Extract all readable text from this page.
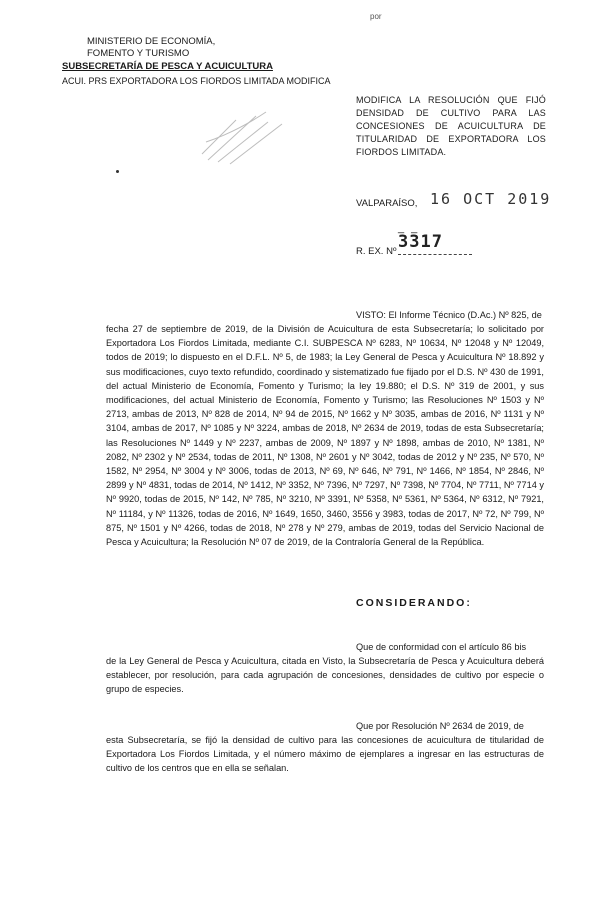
MINISTERIO DE ECONOMÍA,
FOMENTO Y TURISMO
SUBSECRETARÍA DE PESCA Y ACUICULTURA
ACUI. PRS EXPORTADORA LOS FIORDOS LIMITADA MODIFICA
por
MODIFICA LA RESOLUCIÓN QUE FIJÓ DENSIDAD DE CULTIVO PARA LAS CONCESIONES DE ACUICULTURA DE TITULARIDAD DE EXPORTADORA LOS FIORDOS LIMITADA.
VALPARAÍSO, 16 OCT 2019
_ _
R. EX. Nº 3317
VISTO: El Informe Técnico (D.Ac.) Nº 825, de
fecha 27 de septiembre de 2019, de la División de Acuicultura de esta Subsecretaría; lo solicitado por Exportadora Los Fiordos Limitada, mediante C.I. SUBPESCA Nº 6283, Nº 10634, Nº 12048 y Nº 12049, todos de 2019; lo dispuesto en el D.F.L. Nº 5, de 1983; la Ley General de Pesca y Acuicultura Nº 18.892 y sus modificaciones, cuyo texto refundido, coordinado y sistematizado fue fijado por el D.S. Nº 430 de 1991, del actual Ministerio de Economía, Fomento y Turismo; la ley 19.880; el D.S. Nº 319 de 2001, y sus modificaciones, del actual Ministerio de Economía, Fomento y Turismo; las Resoluciones Nº 1503 y Nº 2713, ambas de 2013, Nº 828 de 2014, Nº 94 de 2015, Nº 1662 y Nº 3035, ambas de 2016, Nº 1131 y Nº 3104, ambas de 2017, Nº 1085 y Nº 3224, ambas de 2018, Nº 2634 de 2019, todas de esta Subsecretaría; las Resoluciones Nº 1449 y Nº 2237, ambas de 2009, Nº 1897 y Nº 1898, ambas de 2010, Nº 1381, Nº 2082, Nº 2302 y Nº 2534, todas de 2011, Nº 1308, Nº 2601 y Nº 3042, todas de 2012 y Nº 235, Nº 570, Nº 1582, Nº 2954, Nº 3004 y Nº 3006, todas de 2013, Nº 69, Nº 646, Nº 791, Nº 1466, Nº 1854, Nº 2846, Nº 2899 y Nº 4831, todas de 2014, Nº 1412, Nº 3352, Nº 7396, Nº 7297, Nº 7398, Nº 7704, Nº 7711, Nº 7714 y Nº 9920, todas de 2015, Nº 142, Nº 785, Nº 3210, Nº 3391, Nº 5358, Nº 5361, Nº 5364, Nº 6312, Nº 7921, Nº 11184, y Nº 11326, todas de 2016, Nº 1649, 1650, 3460, 3556 y 3983, todas de 2017, Nº 72, Nº 799, Nº 875, Nº 1501 y Nº 4266, todas de 2018, Nº 278 y Nº 279, ambas de 2019, todas del Servicio Nacional de Pesca y Acuicultura; la Resolución Nº 07 de 2019, de la Contraloría General de la República.
CONSIDERANDO:
Que de conformidad con el artículo 86 bis
de la Ley General de Pesca y Acuicultura, citada en Visto, la Subsecretaría de Pesca y Acuicultura deberá establecer, por resolución, para cada agrupación de concesiones, densidades de cultivo por especie o grupo de especies.
Que por Resolución Nº 2634 de 2019, de
esta Subsecretaría, se fijó la densidad de cultivo para las concesiones de acuicultura de titularidad de Exportadora Los Fiordos Limitada, y el número máximo de ejemplares a ingresar en las estructuras de cultivo de los centros que en ella se señalan.
